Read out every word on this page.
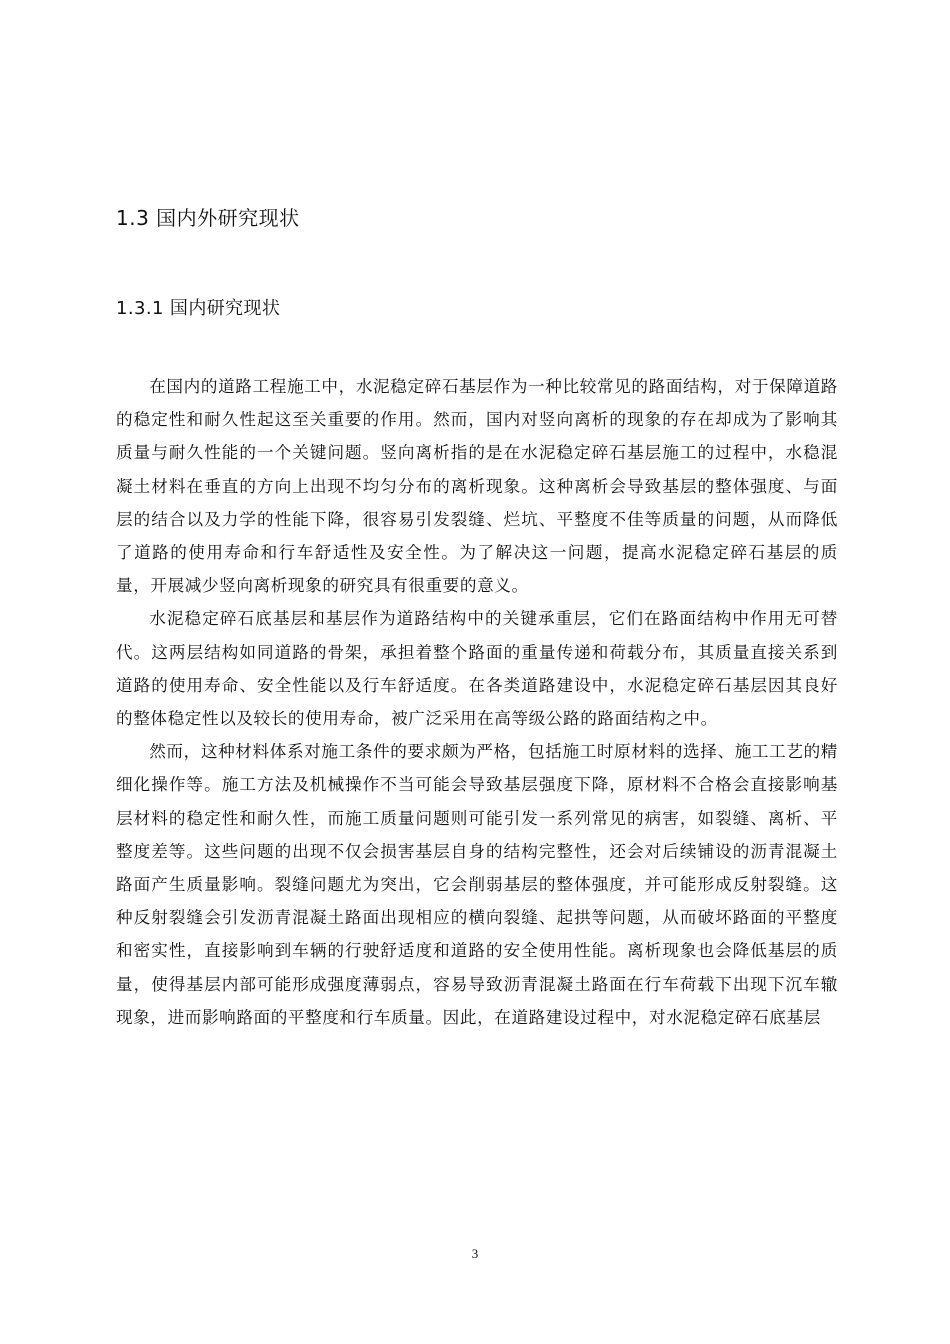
1.3 国内外研究现状
1.3.1 国内研究现状

在国内的道路工程施工中，水泥稳定碎石基层作为一种比较常见的路面结构，对于保障道路的稳定性和耐久性起这至关重要的作用。然而，国内对竖向离析的现象的存在却成为了影响其质量与耐久性能的一个关键问题。竖向离析指的是在水泥稳定碎石基层施工的过程中，水稳混凝土材料在垂直的方向上出现不均匀分布的离析现象。这种离析会导致基层的整体强度、与面层的结合以及力学的性能下降，很容易引发裂缝、烂坑、平整度不佳等质量的问题，从而降低了道路的使用寿命和行车舒适性及安全性。为了解决这一问题，提高水泥稳定碎石基层的质量，开展减少竖向离析现象的研究具有很重要的意义。

水泥稳定碎石底基层和基层作为道路结构中的关键承重层，它们在路面结构中作用无可替代。这两层结构如同道路的骨架，承担着整个路面的重量传递和荷载分布，其质量直接关系到道路的使用寿命、安全性能以及行车舒适度。在各类道路建设中，水泥稳定碎石基层因其良好的整体稳定性以及较长的使用寿命，被广泛采用在高等级公路的路面结构之中。

然而，这种材料体系对施工条件的要求颇为严格，包括施工时原材料的选择、施工工艺的精细化操作等。施工方法及机械操作不当可能会导致基层强度下降，原材料不合格会直接影响基层材料的稳定性和耐久性，而施工质量问题则可能引发一系列常见的病害，如裂缝、离析、平整度差等。这些问题的出现不仅会损害基层自身的结构完整性，还会对后续铺设的沥青混凝土路面产生质量影响。裂缝问题尤为突出，它会削弱基层的整体强度，并可能形成反射裂缝。这种反射裂缝会引发沥青混凝土路面出现相应的横向裂缝、起拱等问题，从而破坏路面的平整度和密实性，直接影响到车辆的行驶舒适度和道路的安全使用性能。离析现象也会降低基层的质量，使得基层内部可能形成强度薄弱点，容易导致沥青混凝土路面在行车荷载下出现下沉车辙现象，进而影响路面的平整度和行车质量。因此，在道路建设过程中，对水泥稳定碎石底基层

3
